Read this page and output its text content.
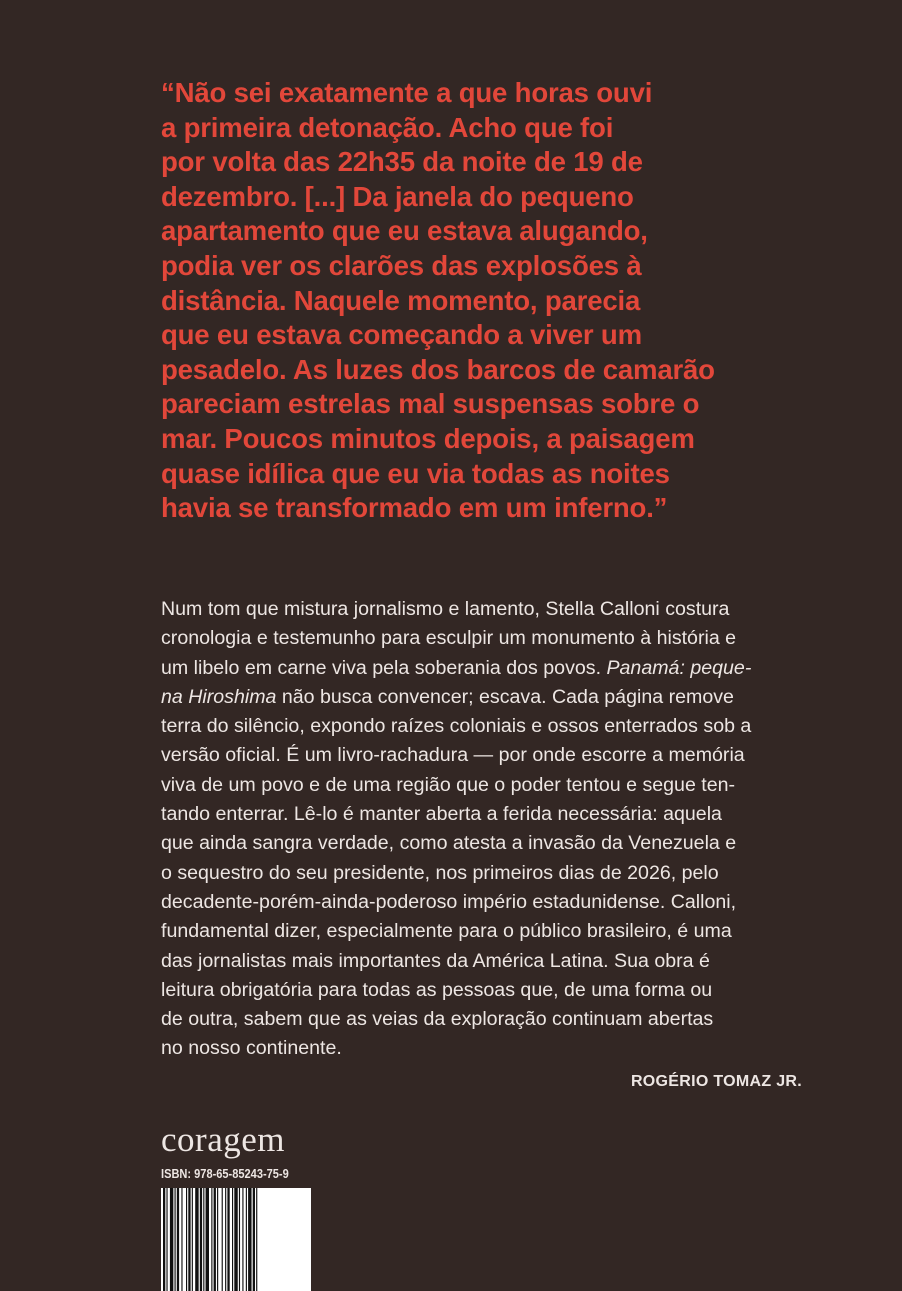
“Não sei exatamente a que horas ouvi
a primeira detonação. Acho que foi
por volta das 22h35 da noite de 19 de
dezembro. [...] Da janela do pequeno
apartamento que eu estava alugando,
podia ver os clarões das explosões à
distância. Naquele momento, parecia
que eu estava começando a viver um
pesadelo. As luzes dos barcos de camarão
pareciam estrelas mal suspensas sobre o
mar. Poucos minutos depois, a paisagem
quase idílica que eu via todas as noites
havia se transformado em um inferno.”
Num tom que mistura jornalismo e lamento, Stella Calloni costura
cronologia e testemunho para esculpir um monumento à história e
um libelo em carne viva pela soberania dos povos. Panamá: peque-
na Hiroshima não busca convencer; escava. Cada página remove
terra do silêncio, expondo raízes coloniais e ossos enterrados sob a
versão oficial. É um livro-rachadura — por onde escorre a memória
viva de um povo e de uma região que o poder tentou e segue ten-
tando enterrar. Lê-lo é manter aberta a ferida necessária: aquela
que ainda sangra verdade, como atesta a invasão da Venezuela e
o sequestro do seu presidente, nos primeiros dias de 2026, pelo
decadente-porém-ainda-poderoso império estadunidense. Calloni,
fundamental dizer, especialmente para o público brasileiro, é uma
das jornalistas mais importantes da América Latina. Sua obra é
leitura obrigatória para todas as pessoas que, de uma forma ou
de outra, sabem que as veias da exploração continuam abertas
no nosso continente.
ROGÉRIO TOMAZ JR.
coragem
ISBN: 978-65-85243-75-9
